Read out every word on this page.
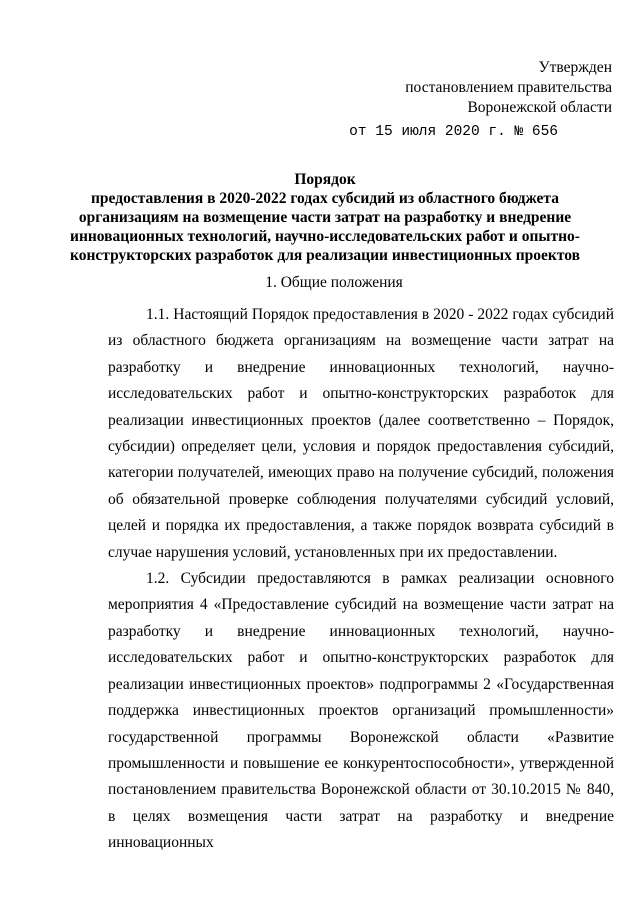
Утвержден
постановлением правительства
Воронежской области
от 15 июля 2020 г. № 656
Порядок
предоставления в 2020-2022 годах субсидий из областного бюджета организациям на возмещение части затрат на разработку и внедрение инновационных технологий, научно-исследовательских работ и опытно-конструкторских разработок для реализации инвестиционных проектов
1. Общие положения

1.1. Настоящий Порядок предоставления в 2020 - 2022 годах субсидий из областного бюджета организациям на возмещение части затрат на разработку и внедрение инновационных технологий, научно-исследовательских работ и опытно-конструкторских разработок для реализации инвестиционных проектов (далее соответственно – Порядок, субсидии) определяет цели, условия и порядок предоставления субсидий, категории получателей, имеющих право на получение субсидий, положения об обязательной проверке соблюдения получателями субсидий условий, целей и порядка их предоставления, а также порядок возврата субсидий в случае нарушения условий, установленных при их предоставлении.

1.2. Субсидии предоставляются в рамках реализации основного мероприятия 4 «Предоставление субсидий на возмещение части затрат на разработку и внедрение инновационных технологий, научно-исследовательских работ и опытно-конструкторских разработок для реализации инвестиционных проектов» подпрограммы 2 «Государственная поддержка инвестиционных проектов организаций промышленности» государственной программы Воронежской области «Развитие промышленности и повышение ее конкурентоспособности», утвержденной постановлением правительства Воронежской области от 30.10.2015 № 840, в целях возмещения части затрат на разработку и внедрение инновационных
